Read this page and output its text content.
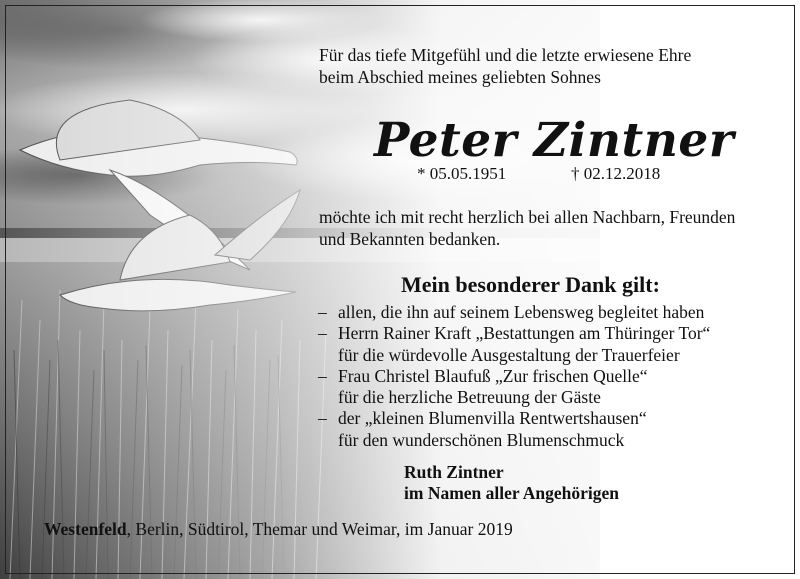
Für das tiefe Mitgefühl und die letzte erwiesene Ehre
beim Abschied meines geliebten Sohnes
Peter Zintner
* 05.05.1951	† 02.12.2018
möchte ich mit recht herzlich bei allen Nachbarn, Freunden
und Bekannten bedanken.
Mein besonderer Dank gilt:
– allen, die ihn auf seinem Lebensweg begleitet haben
– Herrn Rainer Kraft „Bestattungen am Thüringer Tor“
für die würdevolle Ausgestaltung der Trauerfeier
– Frau Christel Blaufuß „Zur frischen Quelle“
für die herzliche Betreuung der Gäste
– der „kleinen Blumenvilla Rentwertshausen“
für den wunderschönen Blumenschmuck
Ruth Zintner
im Namen aller Angehörigen
Westenfeld, Berlin, Südtirol, Themar und Weimar, im Januar 2019
